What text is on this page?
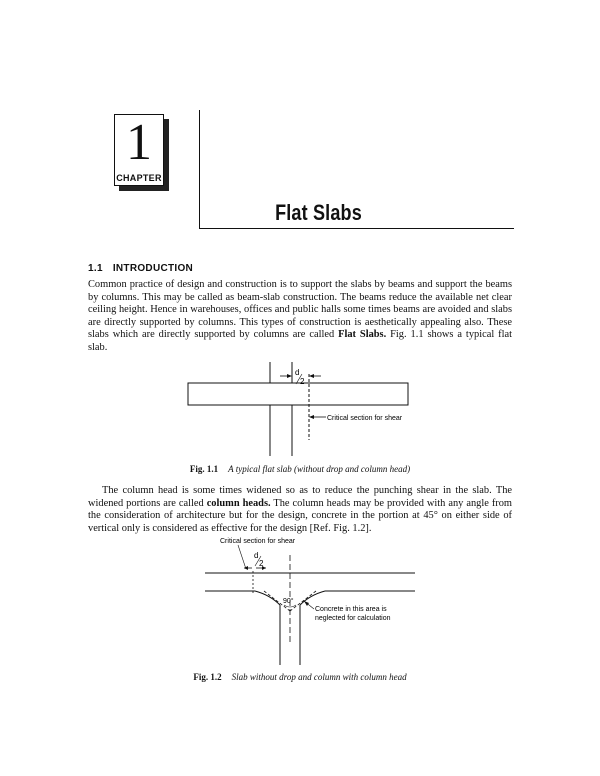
1
CHAPTER
Flat Slabs
1.1 INTRODUCTION
Common practice of design and construction is to support the slabs by beams and support the beams by columns. This may be called as beam-slab construction. The beams reduce the available net clear ceiling height. Hence in warehouses, offices and public halls some times beams are avoided and slabs are directly supported by columns. This types of construction is aesthetically appealing also. These slabs which are directly supported by columns are called Flat Slabs. Fig. 1.1 shows a typical flat slab.
d
2
Critical section for shear
Fig. 1.1 A typical flat slab (without drop and column head)
The column head is some times widened so as to reduce the punching shear in the slab. The widened portions are called column heads. The column heads may be provided with any angle from the consideration of architecture but for the design, concrete in the portion at 45° on either side of vertical only is considered as effective for the design [Ref. Fig. 1.2].
Critical section for shear
d
2
90°
Concrete in this area is
neglected for calculation
Fig. 1.2 Slab without drop and column with column head
